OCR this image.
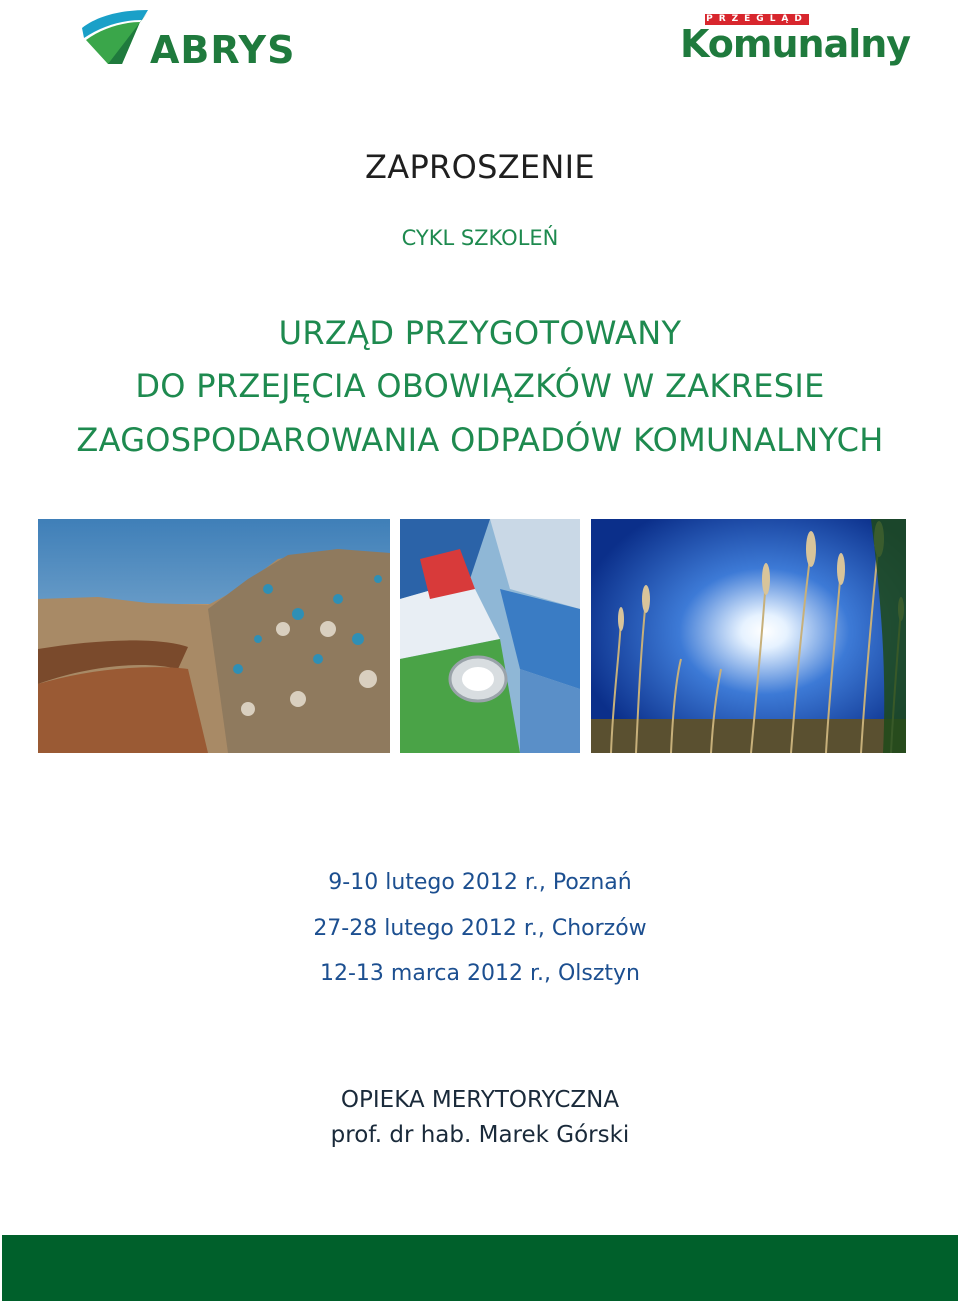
ABRYS
PRZEGLĄD
Komunalny
ZAPROSZENIE
CYKL SZKOLEŃ
URZĄD PRZYGOTOWANY
DO PRZEJĘCIA OBOWIĄZKÓW W ZAKRESIE
ZAGOSPODAROWANIA ODPADÓW KOMUNALNYCH
9-10 lutego 2012 r., Poznań
27-28 lutego 2012 r., Chorzów
12-13 marca 2012 r., Olsztyn
OPIEKA MERYTORYCZNA
prof. dr hab. Marek Górski
